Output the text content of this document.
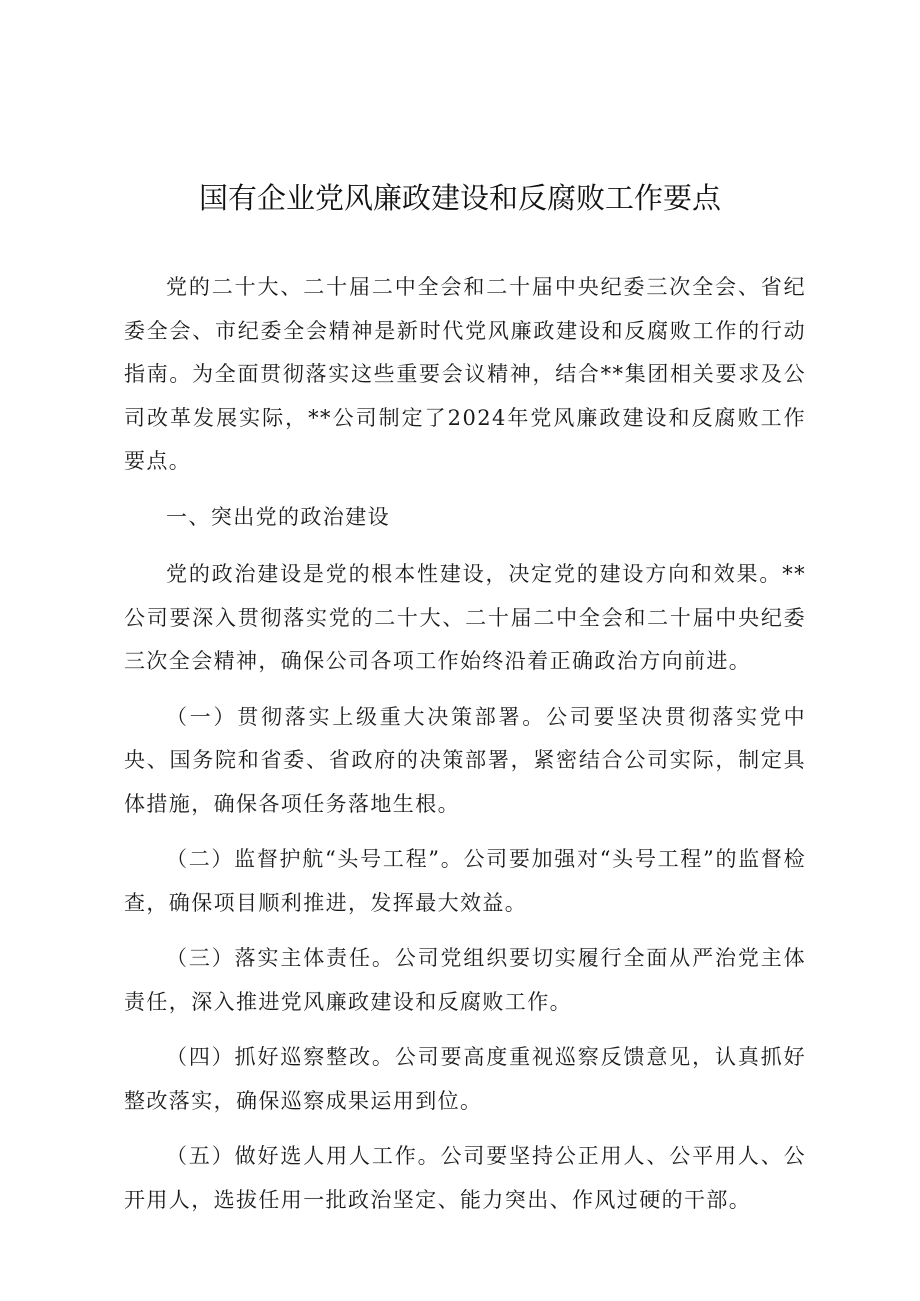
国有企业党风廉政建设和反腐败工作要点

党的二十大、二十届二中全会和二十届中央纪委三次全会、省纪委全会、市纪委全会精神是新时代党风廉政建设和反腐败工作的行动指南。为全面贯彻落实这些重要会议精神，结合**集团相关要求及公司改革发展实际，**公司制定了2024年党风廉政建设和反腐败工作要点。

一、突出党的政治建设

党的政治建设是党的根本性建设，决定党的建设方向和效果。**公司要深入贯彻落实党的二十大、二十届二中全会和二十届中央纪委三次全会精神，确保公司各项工作始终沿着正确政治方向前进。

（一）贯彻落实上级重大决策部署。公司要坚决贯彻落实党中央、国务院和省委、省政府的决策部署，紧密结合公司实际，制定具体措施，确保各项任务落地生根。

（二）监督护航“头号工程”。公司要加强对“头号工程”的监督检查，确保项目顺利推进，发挥最大效益。

（三）落实主体责任。公司党组织要切实履行全面从严治党主体责任，深入推进党风廉政建设和反腐败工作。

（四）抓好巡察整改。公司要高度重视巡察反馈意见，认真抓好整改落实，确保巡察成果运用到位。

（五）做好选人用人工作。公司要坚持公正用人、公平用人、公开用人，选拔任用一批政治坚定、能力突出、作风过硬的干部。
